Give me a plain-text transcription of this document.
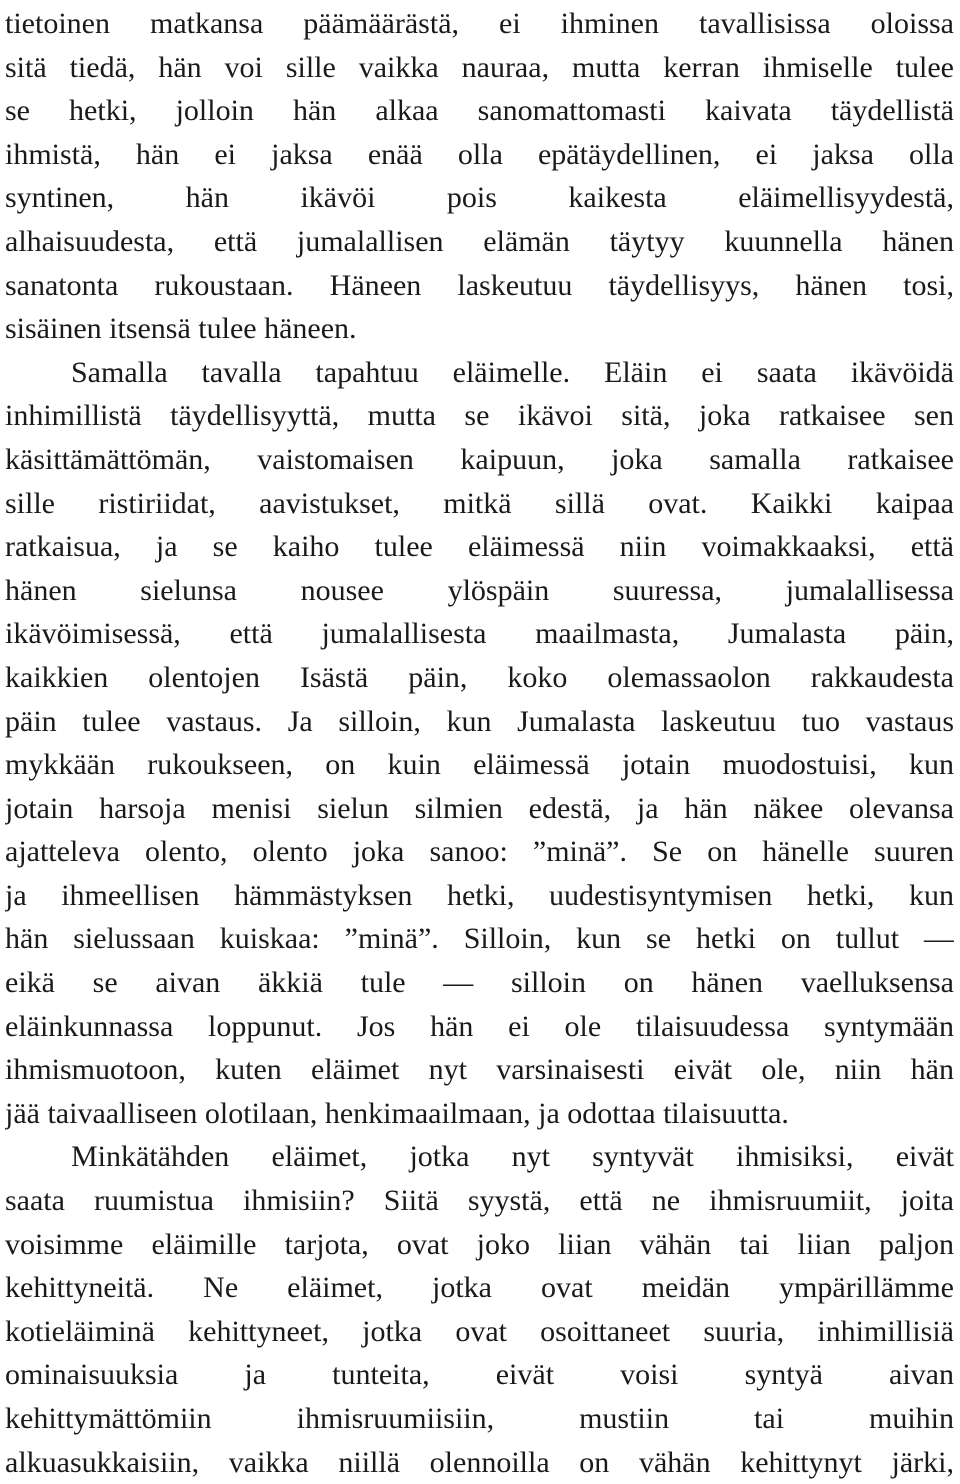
tietoinen matkansa päämäärästä, ei ihminen tavallisissa oloissa
sitä tiedä, hän voi sille vaikka nauraa, mutta kerran ihmiselle tulee
se hetki, jolloin hän alkaa sanomattomasti kaivata täydellistä
ihmistä, hän ei jaksa enää olla epätäydellinen, ei jaksa olla
syntinen, hän ikävöi pois kaikesta eläimellisyydestä,
alhaisuudesta, että jumalallisen elämän täytyy kuunnella hänen
sanatonta rukoustaan. Häneen laskeutuu täydellisyys, hänen tosi,
sisäinen itsensä tulee häneen.
Samalla tavalla tapahtuu eläimelle. Eläin ei saata ikävöidä
inhimillistä täydellisyyttä, mutta se ikävoi sitä, joka ratkaisee sen
käsittämättömän, vaistomaisen kaipuun, joka samalla ratkaisee
sille ristiriidat, aavistukset, mitkä sillä ovat. Kaikki kaipaa
ratkaisua, ja se kaiho tulee eläimessä niin voimakkaaksi, että
hänen sielunsa nousee ylöspäin suuressa, jumalallisessa
ikävöimisessä, että jumalallisesta maailmasta, Jumalasta päin,
kaikkien olentojen Isästä päin, koko olemassaolon rakkaudesta
päin tulee vastaus. Ja silloin, kun Jumalasta laskeutuu tuo vastaus
mykkään rukoukseen, on kuin eläimessä jotain muodostuisi, kun
jotain harsoja menisi sielun silmien edestä, ja hän näkee olevansa
ajatteleva olento, olento joka sanoo: ”minä”. Se on hänelle suuren
ja ihmeellisen hämmästyksen hetki, uudestisyntymisen hetki, kun
hän sielussaan kuiskaa: ”minä”. Silloin, kun se hetki on tullut —
eikä se aivan äkkiä tule — silloin on hänen vaelluksensa
eläinkunnassa loppunut. Jos hän ei ole tilaisuudessa syntymään
ihmismuotoon, kuten eläimet nyt varsinaisesti eivät ole, niin hän
jää taivaalliseen olotilaan, henkimaailmaan, ja odottaa tilaisuutta.
Minkätähden eläimet, jotka nyt syntyvät ihmisiksi, eivät
saata ruumistua ihmisiin? Siitä syystä, että ne ihmisruumiit, joita
voisimme eläimille tarjota, ovat joko liian vähän tai liian paljon
kehittyneitä. Ne eläimet, jotka ovat meidän ympärillämme
kotieläiminä kehittyneet, jotka ovat osoittaneet suuria, inhimillisiä
ominaisuuksia ja tunteita, eivät voisi syntyä aivan
kehittymättömiin ihmisruumiisiin, mustiin tai muihin
alkuasukkaisiin, vaikka niillä olennoilla on vähän kehittynyt järki,
